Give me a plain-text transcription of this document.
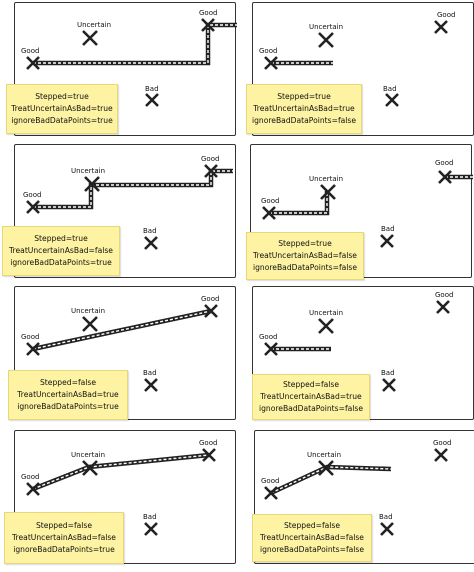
Good
Uncertain
Good
Bad
Stepped=true
TreatUncertainAsBad=true
ignoreBadDataPoints=true
Good
Uncertain
Good
Bad
Stepped=true
TreatUncertainAsBad=true
ignoreBadDataPoints=false
Good
Uncertain
Good
Bad
Stepped=true
TreatUncertainAsBad=false
ignoreBadDataPoints=true
Good
Uncertain
Good
Bad
Stepped=true
TreatUncertainAsBad=false
ignoreBadDataPoints=false
Good
Uncertain
Good
Bad
Stepped=false
TreatUncertainAsBad=true
ignoreBadDataPoints=true
Good
Uncertain
Good
Bad
Stepped=false
TreatUncertainAsBad=true
ignoreBadDataPoints=false
Good
Uncertain
Good
Bad
Stepped=false
TreatUncertainAsBad=false
ignoreBadDataPoints=true
Good
Uncertain
Good
Bad
Stepped=false
TreatUncertainAsBad=false
ignoreBadDataPoints=false
